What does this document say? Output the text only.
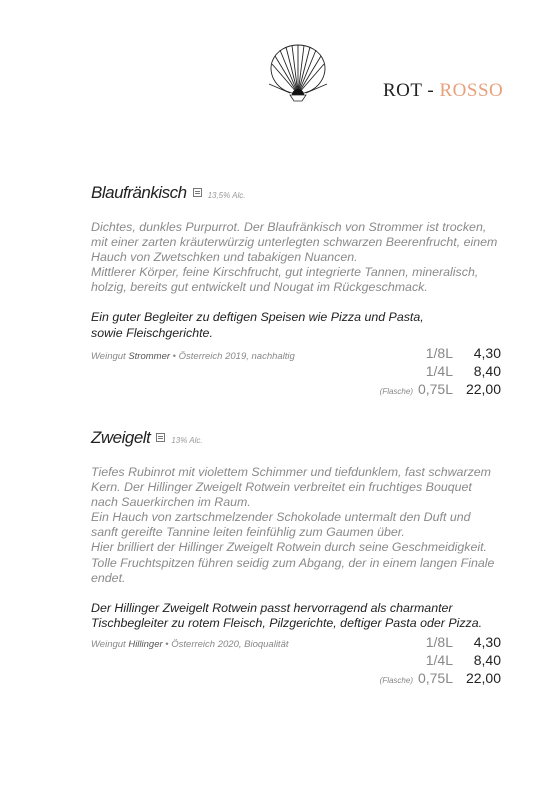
ROT - ROSSO
Blaufränkisch	13,5% Alc.

Dichtes, dunkles Purpurrot. Der Blaufränkisch von Strommer ist trocken,

mit einer zarten kräuterwürzig unterlegten schwarzen Beerenfrucht, einem

Hauch von Zwetschken und tabakigen Nuancen.

Mittlerer Körper, feine Kirschfrucht, gut integrierte Tannen, mineralisch,

holzig, bereits gut entwickelt und Nougat im Rückgeschmack.

Ein guter Begleiter zu deftigen Speisen wie Pizza und Pasta,

sowie Fleischgerichte.

Weingut Strommer • Österreich 2019, nachhaltig	1/8L	4,30
1/4L	8,40
(Flasche) 0,75L 22,00
Zweigelt	13% Alc.

Tiefes Rubinrot mit violettem Schimmer und tiefdunklem, fast schwarzem

Kern. Der Hillinger Zweigelt Rotwein verbreitet ein fruchtiges Bouquet

nach Sauerkirchen im Raum.

Ein Hauch von zartschmelzender Schokolade untermalt den Duft und

sanft gereifte Tannine leiten feinfühlig zum Gaumen über.

Hier brilliert der Hillinger Zweigelt Rotwein durch seine Geschmeidigkeit.

Tolle Fruchtspitzen führen seidig zum Abgang, der in einem langen Finale

endet.

Der Hillinger Zweigelt Rotwein passt hervorragend als charmanter

Tischbegleiter zu rotem Fleisch, Pilzgerichte, deftiger Pasta oder Pizza.

Weingut Hillinger • Österreich 2020, Bioqualität	1/8L	4,30
1/4L	8,40
(Flasche) 0,75L 22,00
